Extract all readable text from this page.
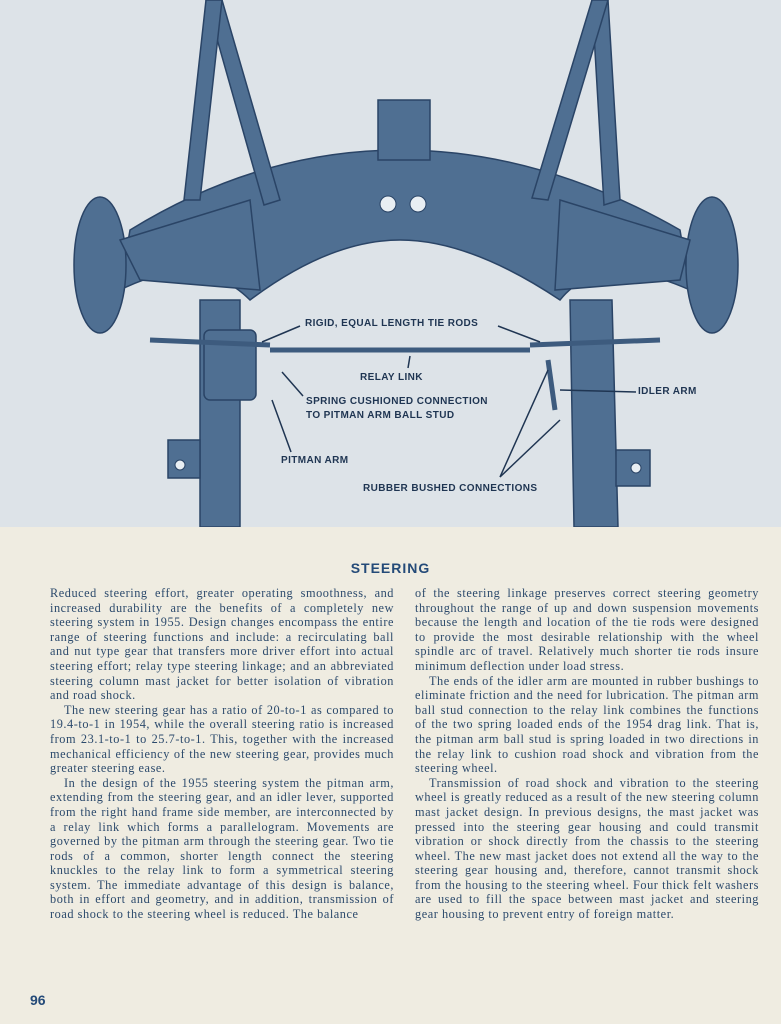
RIGID, EQUAL LENGTH TIE RODS
RELAY LINK
IDLER ARM
SPRING CUSHIONED CONNECTION
TO PITMAN ARM BALL STUD
PITMAN ARM
RUBBER BUSHED CONNECTIONS
STEERING

Reduced steering effort, greater operating smoothness, and increased durability are the benefits of a completely new steering system in 1955. Design changes encompass the entire range of steering functions and include: a recirculating ball and nut type gear that transfers more driver effort into actual steering effort; relay type steering linkage; and an abbreviated steering column mast jacket for better isolation of vibration and road shock.

The new steering gear has a ratio of 20-to-1 as compared to 19.4-to-1 in 1954, while the overall steering ratio is increased from 23.1-to-1 to 25.7-to-1. This, together with the increased mechanical efficiency of the new steering gear, provides much greater steering ease.

In the design of the 1955 steering system the pitman arm, extending from the steering gear, and an idler lever, supported from the right hand frame side member, are interconnected by a relay link which forms a parallelogram. Movements are governed by the pitman arm through the steering gear. Two tie rods of a common, shorter length connect the steering knuckles to the relay link to form a symmetrical steering system. The immediate advantage of this design is balance, both in effort and geometry, and in addition, transmission of road shock to the steering wheel is reduced. The balance

of the steering linkage preserves correct steering geometry throughout the range of up and down suspension movements because the length and location of the tie rods were designed to provide the most desirable relationship with the wheel spindle arc of travel. Relatively much shorter tie rods insure minimum deflection under load stress.

The ends of the idler arm are mounted in rubber bushings to eliminate friction and the need for lubrication. The pitman arm ball stud connection to the relay link combines the functions of the two spring loaded ends of the 1954 drag link. That is, the pitman arm ball stud is spring loaded in two directions in the relay link to cushion road shock and vibration from the steering wheel.

Transmission of road shock and vibration to the steering wheel is greatly reduced as a result of the new steering column mast jacket design. In previous designs, the mast jacket was pressed into the steering gear housing and could transmit vibration or shock directly from the chassis to the steering wheel. The new mast jacket does not extend all the way to the steering gear housing and, therefore, cannot transmit shock from the housing to the steering wheel. Four thick felt washers are used to fill the space between mast jacket and steering gear housing to prevent entry of foreign matter.

96
